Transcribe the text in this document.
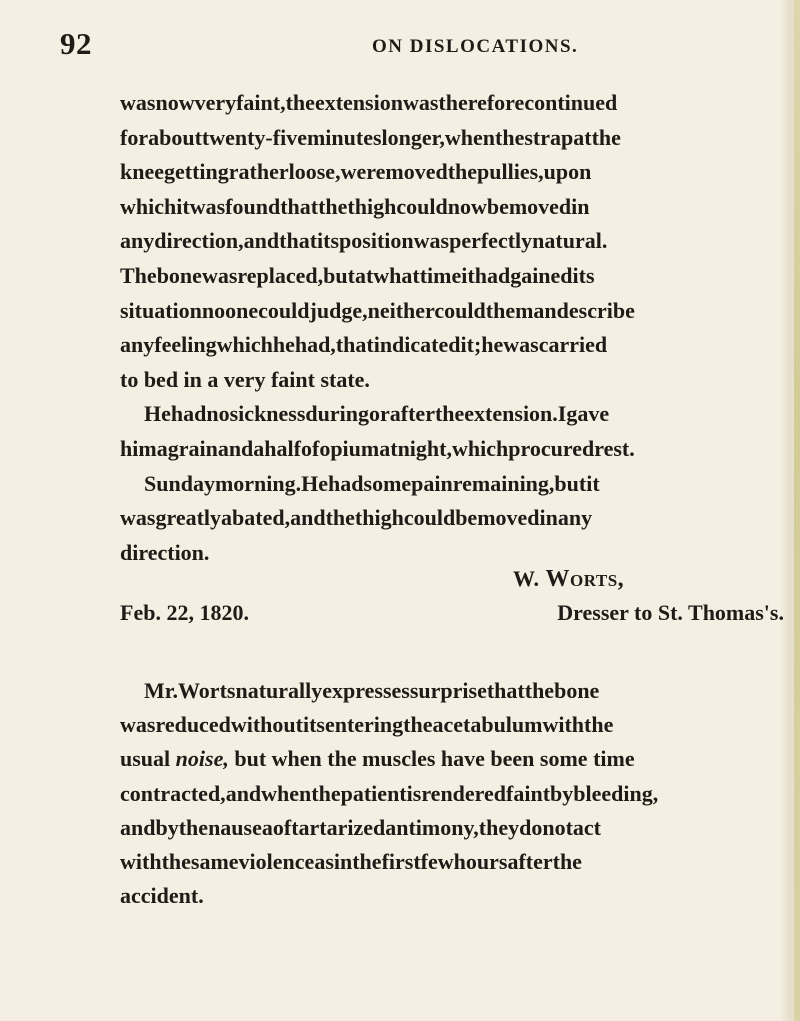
92	ON DISLOCATIONS.
wasnowveryfaint,theextensionwasthereforecontinued
forabouttwenty-fiveminuteslonger,whenthestrapatthe
kneegettingratherloose,weremovedthepullies,upon
whichitwasfoundthatthethighcouldnowbemovedin
anydirection,andthatitspositionwasperfectlynatural.
Thebonewasreplaced,butatwhattimeithadgainedits
situationnoonecouldjudge,neithercouldthemandescribe
anyfeelingwhichhehad,thatindicatedit;hewascarried
to bed in a very faint state.
Hehadnosicknessduringoraftertheextension.Igave
himagrainandahalfofopiumatnight,whichprocuredrest.
Sundaymorning.Hehadsomepainremaining,butit
wasgreatlyabated,andthethighcouldbemovedinany
direction.
W. Worts,
Feb. 22, 1820.	Dresser to St. Thomas's.
Mr.Wortsnaturallyexpressessurprisethatthebone
wasreducedwithoutitsenteringtheacetabulumwiththe
usual noise, but when the muscles have been some time
contracted,andwhenthepatientisrenderedfaintbybleeding,
andbythenauseaoftartarizedantimony,theydonotact
withthesameviolenceasinthefirstfewhoursafterthe
accident.
